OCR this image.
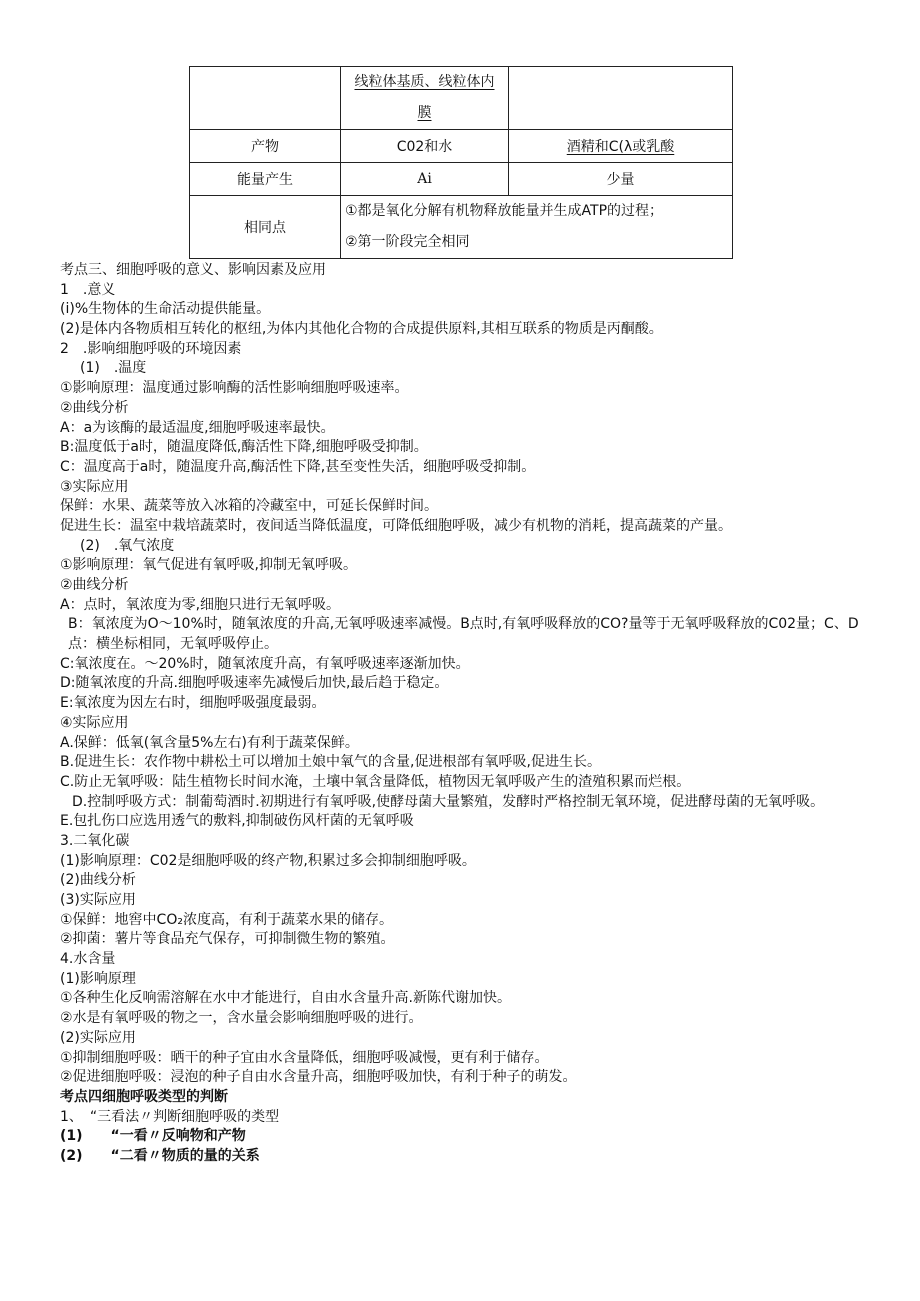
	线粒体基质、线粒体内
膜	

产物	C02和水	酒精和C(λ或乳酸
能量产生	Ai	少量
相同点	①都是氧化分解有机物释放能量并生成ATP的过程；
②第一阶段完全相同	
考点三、细胞呼吸的意义、影响因素及应用
1　.意义
(i)%生物体的生命活动提供能量。
(2)是体内各物质相互转化的枢纽,为体内其他化合物的合成提供原料,其相互联系的物质是丙酮酸。
2　.影响细胞呼吸的环境因素
(1)　.温度
①影响原理：温度通过影响酶的活性影响细胞呼吸速率。
②曲线分析
A：a为该酶的最适温度,细胞呼吸速率最快。
B:温度低于a时，随温度降低,酶活性下降,细胞呼吸受抑制。
C：温度高于a时，随温度升高,酶活性下降,甚至变性失活，细胞呼吸受抑制。
③实际应用
保鲜：水果、蔬菜等放入冰箱的冷藏室中，可延长保鲜时间。
促进生长：温室中栽培蔬菜时，夜间适当降低温度，可降低细胞呼吸，减少有机物的消耗，提高蔬菜的产量。
(2)　.氧气浓度
①影响原理：氧气促进有氧呼吸,抑制无氧呼吸。
②曲线分析
A：点时，氧浓度为零,细胞只进行无氧呼吸。
B：氧浓度为O〜10%时，随氧浓度的升高,无氧呼吸速率减慢。B点时,有氧呼吸释放的CO?量等于无氧呼吸释放的C02量；C、D点：横坐标相同，无氧呼吸停止。
C:氧浓度在。〜20%时，随氧浓度升高，有氧呼吸速率逐渐加快。
D:随氧浓度的升高.细胞呼吸速率先减慢后加快,最后趋于稳定。
E:氧浓度为因左右时，细胞呼吸强度最弱。
④实际应用
A.保鲜：低氧(氧含量5%左右)有利于蔬菜保鲜。
B.促进生长：农作物中耕松土可以增加土娘中氧气的含量,促进根部有氧呼吸,促进生长。
C.防止无氧呼吸：陆生植物长时间水淹，土壤中氧含量降低，植物因无氧呼吸产生的渣殖积累而烂根。
D.控制呼吸方式：制葡萄酒时.初期进行有氧呼吸,使酵母菌大量繁殖，发酵时严格控制无氧环境，促进酵母菌的无氧呼吸。
E.包扎伤口应选用透气的敷料,抑制破伤风杆菌的无氧呼吸
3.二氧化碳
(1)影响原理：C02是细胞呼吸的终产物,积累过多会抑制细胞呼吸。
(2)曲线分析
(3)实际应用
①保鲜：地窖中CO₂浓度高，有利于蔬菜水果的储存。
②抑菌：薯片等食品充气保存，可抑制微生物的繁殖。
4.水含量
(1)影响原理
①各种生化反响需溶解在水中才能进行，自由水含量升高.新陈代谢加快。
②水是有氧呼吸的物之一，含水量会影响细胞呼吸的进行。
(2)实际应用
①抑制细胞呼吸：晒干的种子宜由水含量降低，细胞呼吸减慢，更有利于储存。
②促进细胞呼吸：浸泡的种子自由水含量升高，细胞呼吸加快，有利于种子的萌发。
考点四细胞呼吸类型的判断
1、　“三看法〃判断细胞呼吸的类型
(1)　　“一看〃反响物和产物
(2)　　“二看〃物质的量的关系
